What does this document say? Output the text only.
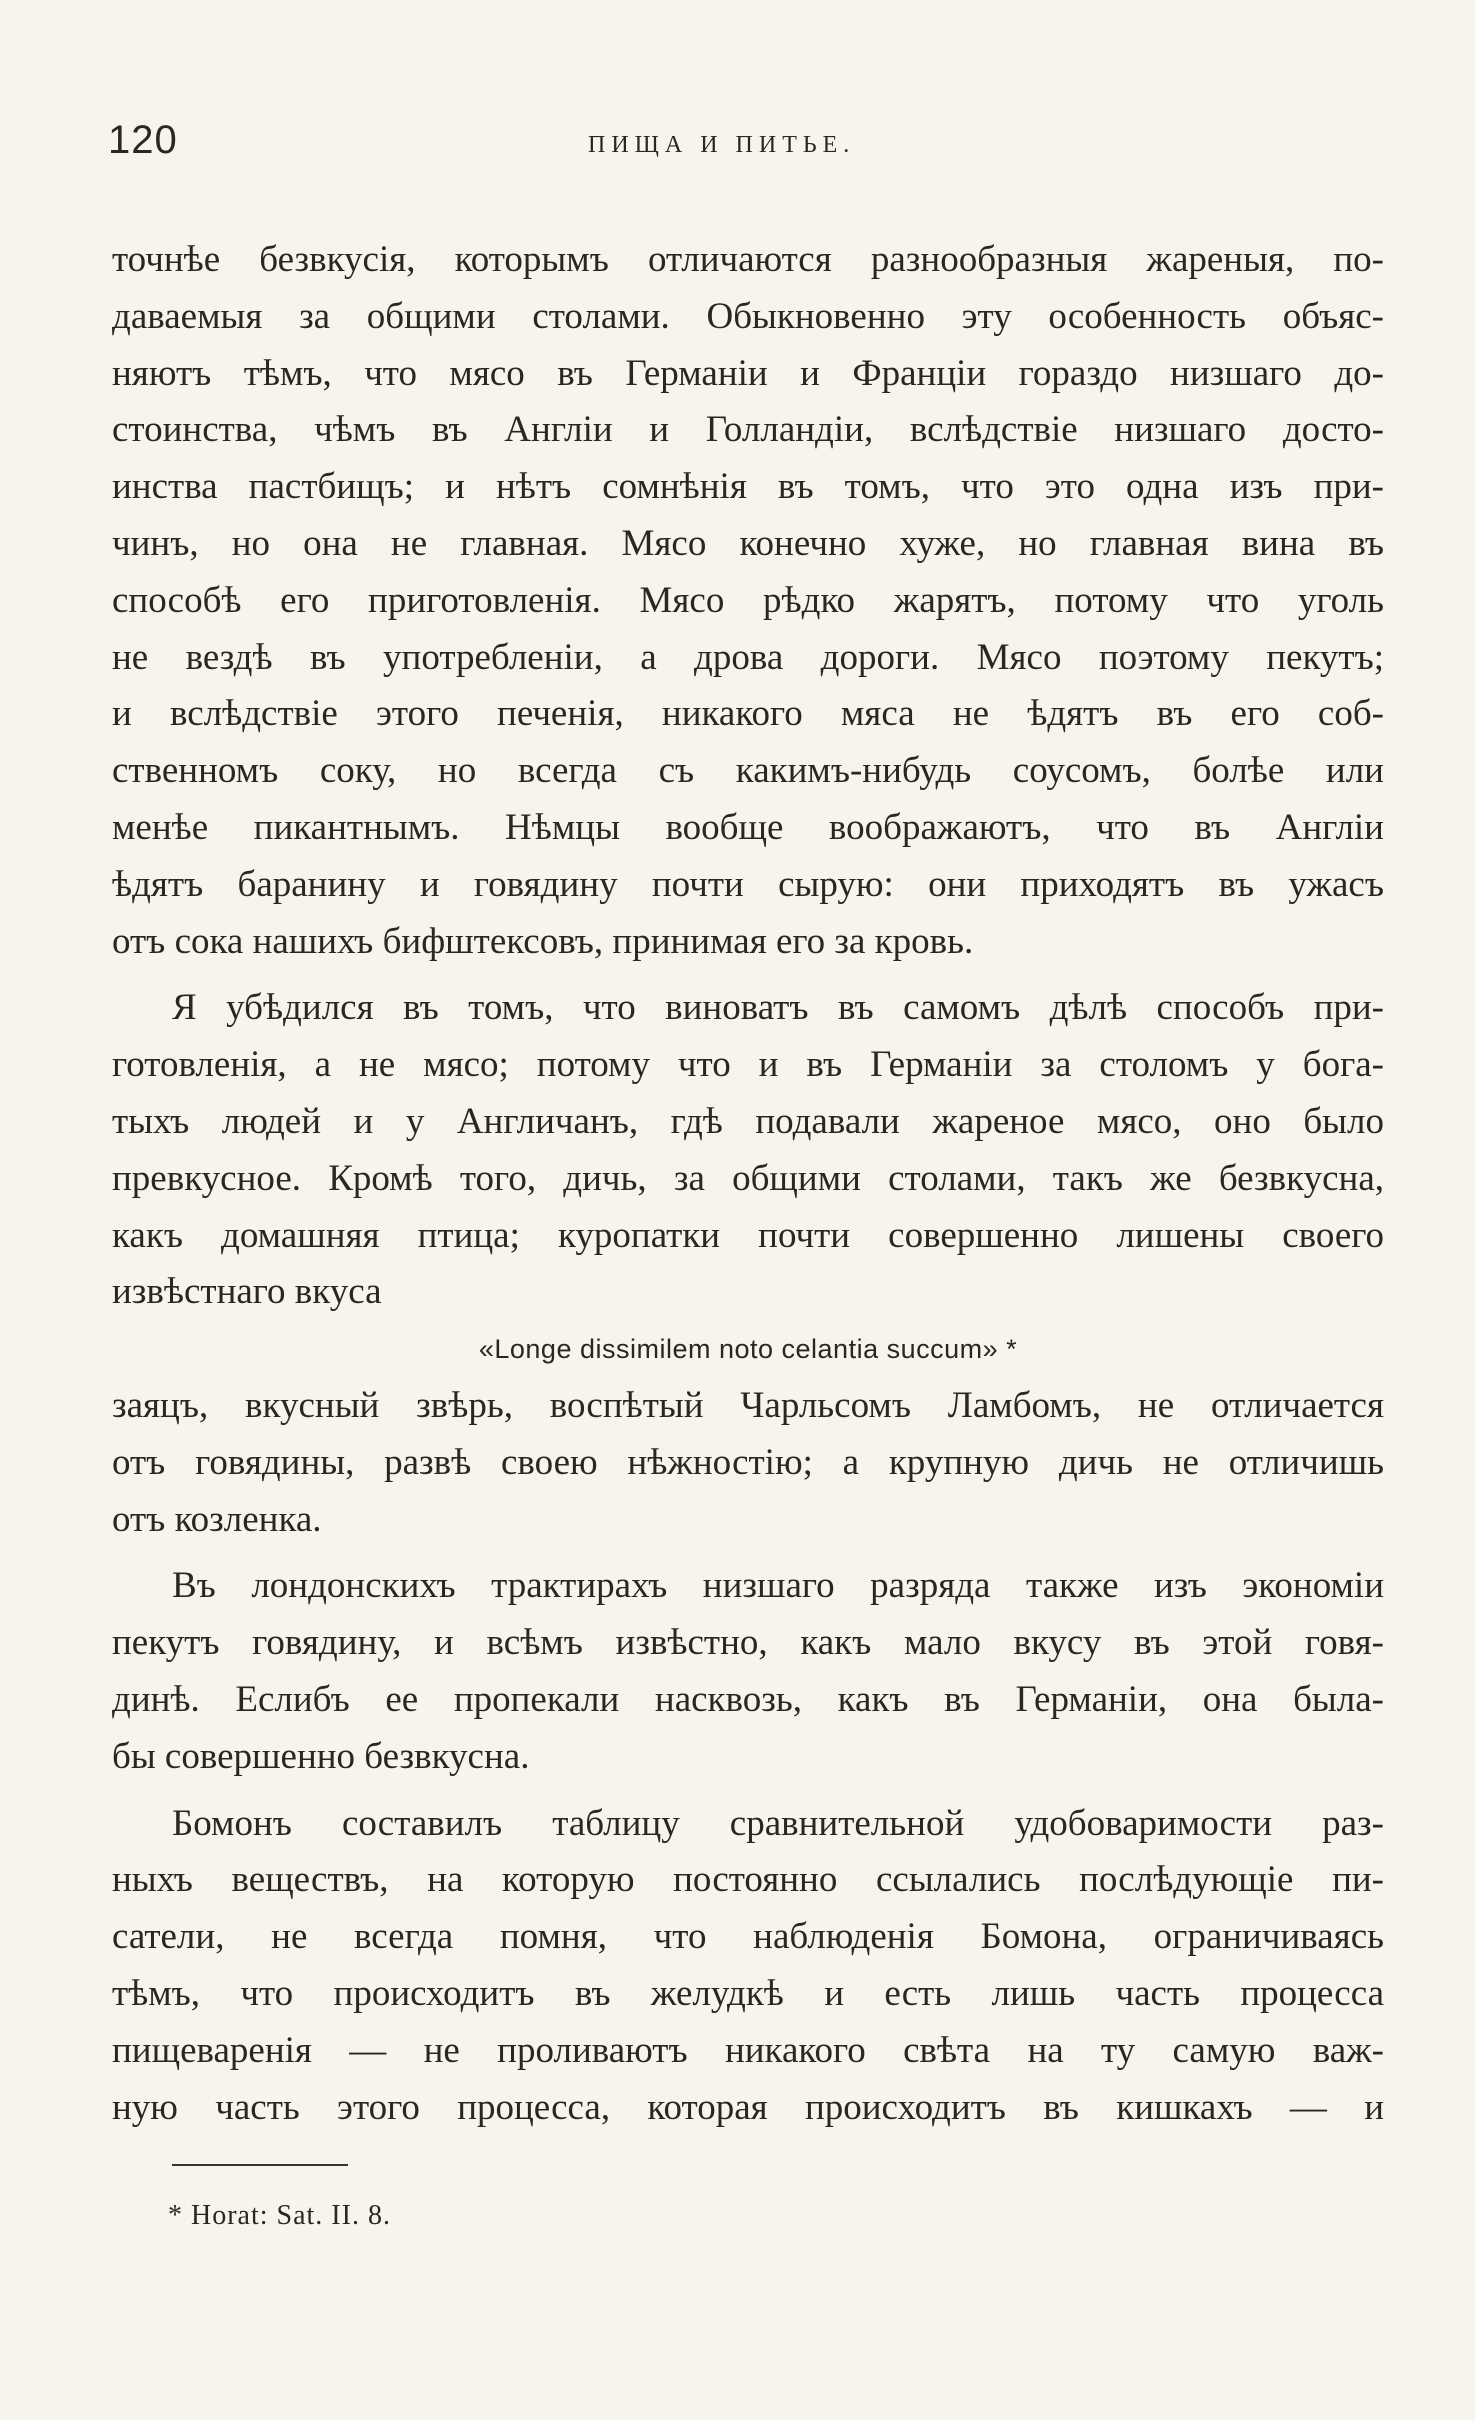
120	ПИЩА И ПИТЬЕ.
точнѣе безвкусія, которымъ отличаются разнообразныя жареныя, по-
даваемыя за общими столами. Обыкновенно эту особенность объяс-
няютъ тѣмъ, что мясо въ Германіи и Франціи гораздо низшаго до-
стоинства, чѣмъ въ Англіи и Голландіи, вслѣдствіе низшаго досто-
инства пастбищъ; и нѣтъ сомнѣнія въ томъ, что это одна изъ при-
чинъ, но она не главная. Мясо конечно хуже, но главная вина въ
способѣ его приготовленія. Мясо рѣдко жарятъ, потому что уголь
не вездѣ въ употребленіи, а дрова дороги. Мясо поэтому пекутъ;
и вслѣдствіе этого печенія, никакого мяса не ѣдятъ въ его соб-
ственномъ соку, но всегда съ какимъ-нибудь соусомъ, болѣе или
менѣе пикантнымъ. Нѣмцы вообще воображаютъ, что въ Англіи
ѣдятъ баранину и говядину почти сырую: они приходятъ въ ужасъ
отъ сока нашихъ бифштексовъ, принимая его за кровь.
Я убѣдился въ томъ, что виноватъ въ самомъ дѣлѣ способъ при-
готовленія, а не мясо; потому что и въ Германіи за столомъ у бога-
тыхъ людей и у Англичанъ, гдѣ подавали жареное мясо, оно было
превкусное. Кромѣ того, дичь, за общими столами, такъ же безвкусна,
какъ домашняя птица; куропатки почти совершенно лишены своего
извѣстнаго вкуса
«Longe dissimilem noto celantia succum» *
заяцъ, вкусный звѣрь, воспѣтый Чарльсомъ Ламбомъ, не отличается
отъ говядины, развѣ своею нѣжностію; а крупную дичь не отличишь
отъ козленка.
Въ лондонскихъ трактирахъ низшаго разряда также изъ экономіи
пекутъ говядину, и всѣмъ извѣстно, какъ мало вкусу въ этой говя-
динѣ. Еслибъ ее пропекали насквозь, какъ въ Германіи, она была-
бы совершенно безвкусна.
Бомонъ составилъ таблицу сравнительной удобоваримости раз-
ныхъ веществъ, на которую постоянно ссылались послѣдующіе пи-
сатели, не всегда помня, что наблюденія Бомона, ограничиваясь
тѣмъ, что происходитъ въ желудкѣ и есть лишь часть процесса
пищеваренія — не проливаютъ никакого свѣта на ту самую важ-
ную часть этого процесса, которая происходитъ въ кишкахъ — и
* Horat: Sat. II. 8.
